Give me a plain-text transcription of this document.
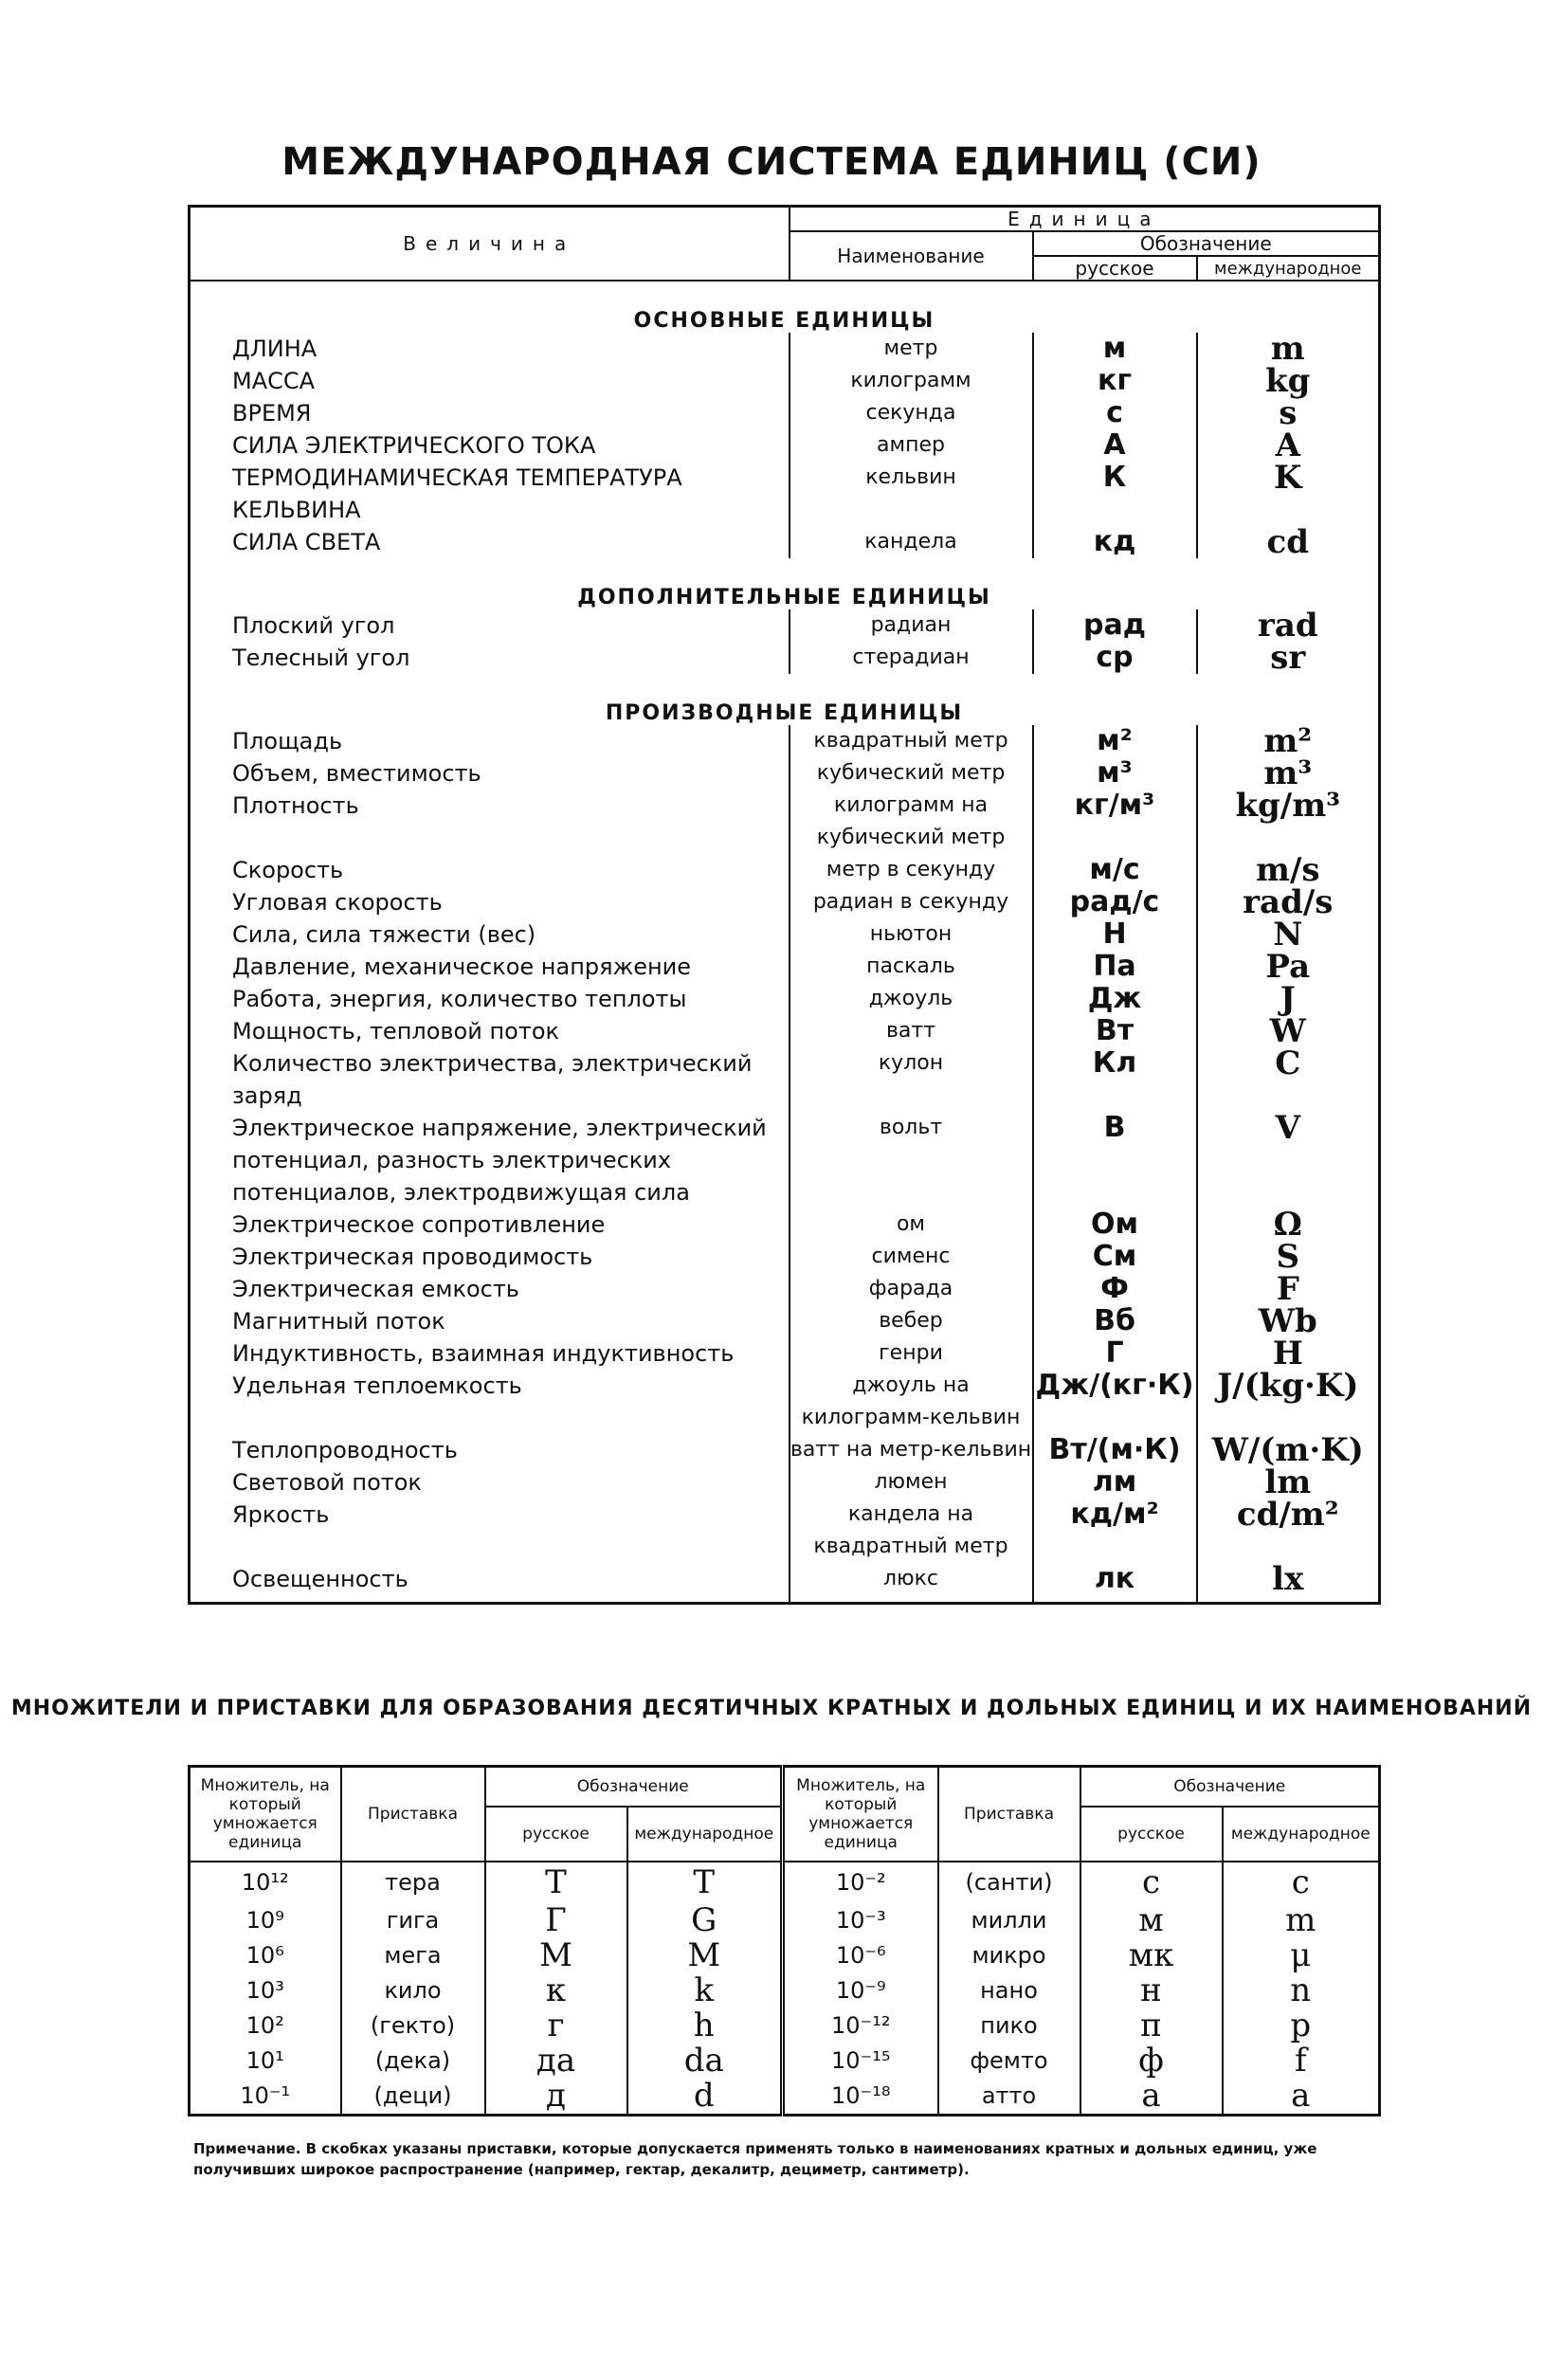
МЕЖДУНАРОДНАЯ СИСТЕМА ЕДИНИЦ (СИ)
Величина	Единица		
	Наименование	Обозначение	
		русское	международное
ОСНОВНЫЕ ЕДИНИЦЫ			
ДЛИНА	метр	м	m
МАССА	килограмм	кг	kg
ВРЕМЯ	секунда	с	s
СИЛА ЭЛЕКТРИЧЕСКОГО ТОКА	ампер	А	A
ТЕРМОДИНАМИЧЕСКАЯ ТЕМПЕРАТУРА КЕЛЬВИНА	кельвин	К	K
СИЛА СВЕТА	кандела	кд	cd
ДОПОЛНИТЕЛЬНЫЕ ЕДИНИЦЫ			
Плоский угол	радиан	рад	rad
Телесный угол	стерадиан	ср	sr
ПРОИЗВОДНЫЕ ЕДИНИЦЫ			
Площадь	квадратный метр	м²	m²
Объем, вместимость	кубический метр	м³	m³
Плотность	килограмм на кубический метр	кг/м³	kg/m³
Скорость	метр в секунду	м/с	m/s
Угловая скорость	радиан в секунду	рад/с	rad/s
Сила, сила тяжести (вес)	ньютон	Н	N
Давление, механическое напряжение	паскаль	Па	Pa
Работа, энергия, количество теплоты	джоуль	Дж	J
Мощность, тепловой поток	ватт	Вт	W
Количество электричества, электрический заряд	кулон	Кл	C
Электрическое напряжение, электрический потенциал, разность электрических потенциалов, электродвижущая сила	вольт	В	V
Электрическое сопротивление	ом	Ом	Ω
Электрическая проводимость	сименс	См	S
Электрическая емкость	фарада	Ф	F
Магнитный поток	вебер	Вб	Wb
Индуктивность, взаимная индуктивность	генри	Г	H
Удельная теплоемкость	джоуль на килограмм-кельвин	Дж/(кг·К)	J/(kg·K)
Теплопроводность	ватт на метр-кельвин	Вт/(м·К)	W/(m·K)
Световой поток	люмен	лм	lm
Яркость	кандела на квадратный метр	кд/м²	cd/m²
Освещенность	люкс	лк	lx

МНОЖИТЕЛИ И ПРИСТАВКИ ДЛЯ ОБРАЗОВАНИЯ ДЕСЯТИЧНЫХ КРАТНЫХ И ДОЛЬНЫХ ЕДИНИЦ И ИХ НАИМЕНОВАНИЙ
Множитель, на который умножается единица	Приставка	Обозначение		Множитель, на который умножается единица	Приставка	Обозначение	
		русское	международное			русское	международное
10¹²	тера	Т	T	10⁻²	(санти)	с	c
10⁹	гига	Г	G	10⁻³	милли	м	m
10⁶	мега	М	M	10⁻⁶	микро	мк	μ
10³	кило	к	k	10⁻⁹	нано	н	n
10²	(гекто)	г	h	10⁻¹²	пико	п	p
10¹	(дека)	да	da	10⁻¹⁵	фемто	ф	f
10⁻¹	(деци)	д	d	10⁻¹⁸	атто	а	a
Примечание. В скобках указаны приставки, которые допускается применять только в наименованиях кратных и дольных единиц, уже получивших широкое распространение (например, гектар, декалитр, дециметр, сантиметр).
